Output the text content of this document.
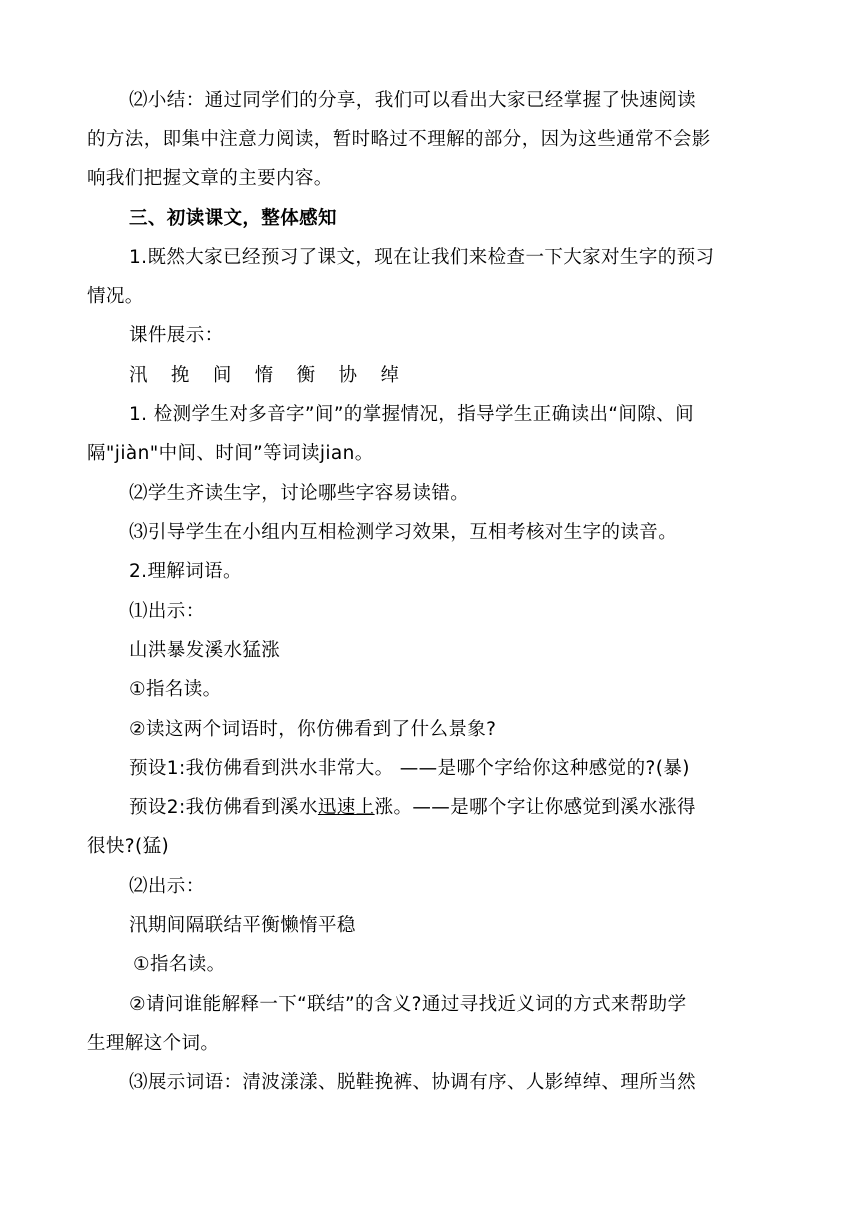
⑵小结：通过同学们的分享，我们可以看出大家已经掌握了快速阅读
的方法，即集中注意力阅读，暂时略过不理解的部分，因为这些通常不会影
响我们把握文章的主要内容。
三、初读课文，整体感知
1.既然大家已经预习了课文，现在让我们来检查一下大家对生字的预习
情况。
课件展示：
汛 挽 间 惰 衡 协 绰
1. 检测学生对多音字”间”的掌握情况，指导学生正确读出“间隙、间
隔"jiàn"中间、时间”等词读jian。
⑵学生齐读生字，讨论哪些字容易读错。
⑶引导学生在小组内互相检测学习效果，互相考核对生字的读音。
2.理解词语。
⑴出示：
山洪暴发溪水猛涨
①指名读。
②读这两个词语时，你仿佛看到了什么景象?
预设1:我仿佛看到洪水非常大。 ——是哪个字给你这种感觉的?(暴)
预设2:我仿佛看到溪水迅速上涨。——是哪个字让你感觉到溪水涨得
很快?(猛)
⑵出示：
汛期间隔联结平衡懒惰平稳
①指名读。
②请问谁能解释一下“联结”的含义?通过寻找近义词的方式来帮助学
生理解这个词。
⑶展示词语：清波漾漾、脱鞋挽裤、协调有序、人影绰绰、理所当然
